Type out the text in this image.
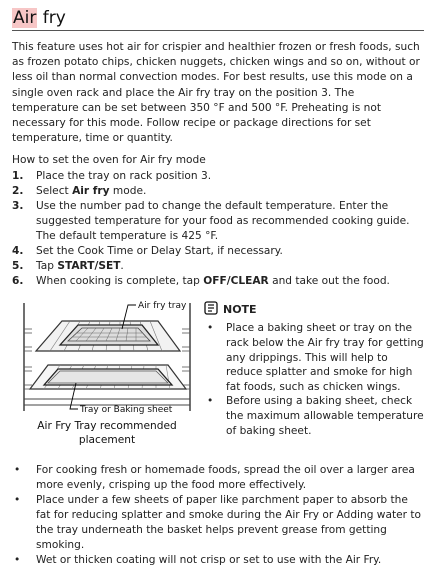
Air fry

This feature uses hot air for crispier and healthier frozen or fresh foods, such as frozen potato chips, chicken nuggets, chicken wings and so on, without or less oil than normal convection modes. For best results, use this mode on a single oven rack and place the Air fry tray on the position 3. The temperature can be set between 350 °F and 500 °F. Preheating is not necessary for this mode. Follow recipe or package directions for set temperature, time or quantity.

How to set the oven for Air fry mode
1.	Place the tray on rack position 3.
2.	Select Air fry mode.
3.	Use the number pad to change the default temperature. Enter the suggested temperature for your food as recommended cooking guide. The default temperature is 425 °F.
4.	Set the Cook Time or Delay Start, if necessary.
5.	Tap START/SET.
6.	When cooking is complete, tap OFF/CLEAR and take out the food.
Air fry tray
Tray or Baking sheet
Air Fry Tray recommended
placement
NOTE
•	Place a baking sheet or tray on the rack below the Air fry tray for getting any drippings. This will help to reduce splatter and smoke for high fat foods, such as chicken wings.
•	Before using a baking sheet, check the maximum allowable temperature of baking sheet.
•	For cooking fresh or homemade foods, spread the oil over a larger area more evenly, crisping up the food more effectively.
•	Place under a few sheets of paper like parchment paper to absorb the fat for reducing splatter and smoke during the Air Fry or Adding water to the tray underneath the basket helps prevent grease from getting smoking.
•	Wet or thicken coating will not crisp or set to use with the Air Fry.
